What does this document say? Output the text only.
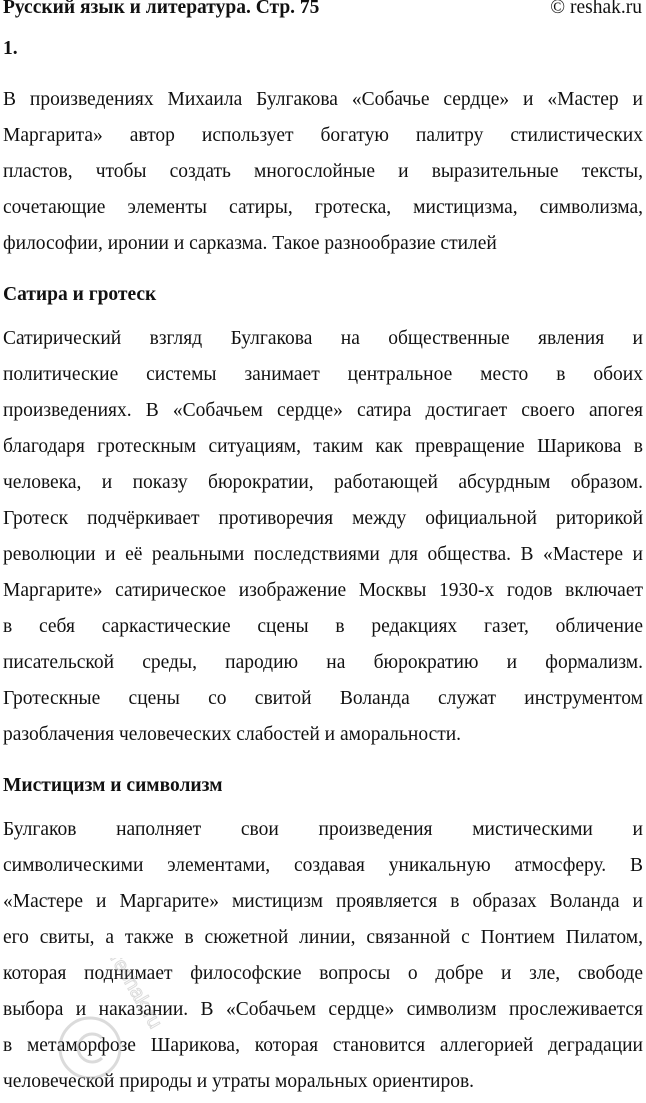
Русский язык и литература. Стр. 75	© reshak.ru
1.
В произведениях Михаила Булгакова «Собачье сердце» и «Мастер и
Маргарита» автор использует богатую палитру стилистических
пластов, чтобы создать многослойные и выразительные тексты,
сочетающие элементы сатиры, гротеска, мистицизма, символизма,
философии, иронии и сарказма. Такое разнообразие стилей
Сатира и гротеск
Сатирический взгляд Булгакова на общественные явления и
политические системы занимает центральное место в обоих
произведениях. В «Собачьем сердце» сатира достигает своего апогея
благодаря гротескным ситуациям, таким как превращение Шарикова в
человека, и показу бюрократии, работающей абсурдным образом.
Гротеск подчёркивает противоречия между официальной риторикой
революции и её реальными последствиями для общества. В «Мастере и
Маргарите» сатирическое изображение Москвы 1930-х годов включает
в себя саркастические сцены в редакциях газет, обличение
писательской среды, пародию на бюрократию и формализм.
Гротескные сцены со свитой Воланда служат инструментом
разоблачения человеческих слабостей и аморальности.
Мистицизм и символизм
Булгаков наполняет свои произведения мистическими и
символическими элементами, создавая уникальную атмосферу. В
«Мастере и Маргарите» мистицизм проявляется в образах Воланда и
его свиты, а также в сюжетной линии, связанной с Понтием Пилатом,
которая поднимает философские вопросы о добре и зле, свободе
выбора и наказании. В «Собачьем сердце» символизм прослеживается
в метаморфозе Шарикова, которая становится аллегорией деградации
человеческой природы и утраты моральных ориентиров.
reshak.ru
